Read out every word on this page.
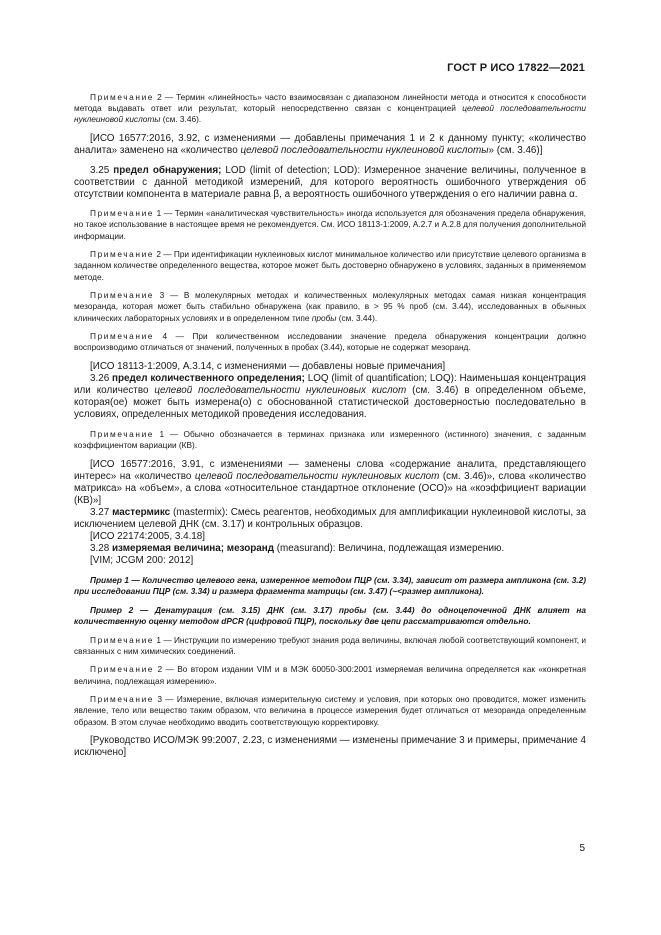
ГОСТ Р ИСО 17822—2021

Примечание 2 — Термин «линейность» часто взаимосвязан с диапазоном линейности метода и относится к способности метода выдавать ответ или результат, который непосредственно связан с концентрацией целевой последовательности нуклеиновой кислоты (см. 3.46).

[ИСО 16577:2016, 3.92, с изменениями — добавлены примечания 1 и 2 к данному пункту; «количество аналита» заменено на «количество целевой последовательности нуклеиновой кислоты» (см. 3.46)]

3.25 предел обнаружения; LOD (limit of detection; LOD): Измеренное значение величины, полученное в соответствии с данной методикой измерений, для которого вероятность ошибочного утверждения об отсутствии компонента в материале равна β, а вероятность ошибочного утверждения о его наличии равна α.

Примечание 1 — Термин «аналитическая чувствительность» иногда используется для обозначения предела обнаружения, но такое использование в настоящее время не рекомендуется. См. ИСО 18113-1:2009, А.2.7 и А.2.8 для получения дополнительной информации.

Примечание 2 — При идентификации нуклеиновых кислот минимальное количество или присутствие целевого организма в заданном количестве определенного вещества, которое может быть достоверно обнаружено в условиях, заданных в применяемом методе.

Примечание 3 — В молекулярных методах и количественных молекулярных методах самая низкая концентрация мезоранда, которая может быть стабильно обнаружена (как правило, в > 95 % проб (см. 3.44), исследованных в обычных клинических лабораторных условиях и в определенном типе пробы (см. 3.44).

Примечание 4 — При количественном исследовании значение предела обнаружения концентрации должно воспроизводимо отличаться от значений, полученных в пробах (3.44), которые не содержат мезоранд.

[ИСО 18113-1:2009, А.3.14, с изменениями — добавлены новые примечания]

3.26 предел количественного определения; LOQ (limit of quantification; LOQ): Наименьшая концентрация или количество целевой последовательности нуклеиновых кислот (см. 3.46) в определенном объеме, которая(ое) может быть измерена(о) с обоснованной статистической достоверностью последовательно в условиях, определенных методикой проведения исследования.

Примечание 1 — Обычно обозначается в терминах признака или измеренного (истинного) значения, с заданным коэффициентом вариации (КВ).

[ИСО 16577:2016, 3.91, с изменениями — заменены слова «содержание аналита, представляющего интерес» на «количество целевой последовательности нуклеиновых кислот (см. 3.46)», слова «количество матрикса» на «объем», а слова «относительное стандартное отклонение (ОСО)» на «коэффициент вариации (КВ)»]

3.27 мастермикс (mastermix): Смесь реагентов, необходимых для амплификации нуклеиновой кислоты, за исключением целевой ДНК (см. 3.17) и контрольных образцов.

[ИСО 22174:2005, 3.4.18]

3.28 измеряемая величина; мезоранд (measurand): Величина, подлежащая измерению.

[VIM; JCGM 200: 2012]

Пример 1 — Количество целевого гена, измеренное методом ПЦР (см. 3.34), зависит от размера ампликона (см. 3.2) при исследовании ПЦР (см. 3.34) и размера фрагмента матрицы (см. 3.47) (~<размер ампликона).

Пример 2 — Денатурация (см. 3.15) ДНК (см. 3.17) пробы (см. 3.44) до одноцепочечной ДНК влияет на количественную оценку методом dPCR (цифровой ПЦР), поскольку две цепи рассматриваются отдельно.

Примечание 1 — Инструкции по измерению требуют знания рода величины, включая любой соответствующий компонент, и связанных с ним химических соединений.

Примечание 2 — Во втором издании VIM и в МЭК 60050-300:2001 измеряемая величина определяется как «конкретная величина, подлежащая измерению».

Примечание 3 — Измерение, включая измерительную систему и условия, при которых оно проводится, может изменить явление, тело или вещество таким образом, что величина в процессе измерения будет отличаться от мезоранда определенным образом. В этом случае необходимо вводить соответствующую корректировку.

[Руководство ИСО/МЭК 99:2007, 2.23, с изменениями — изменены примечание 3 и примеры, примечание 4 исключено]

5
